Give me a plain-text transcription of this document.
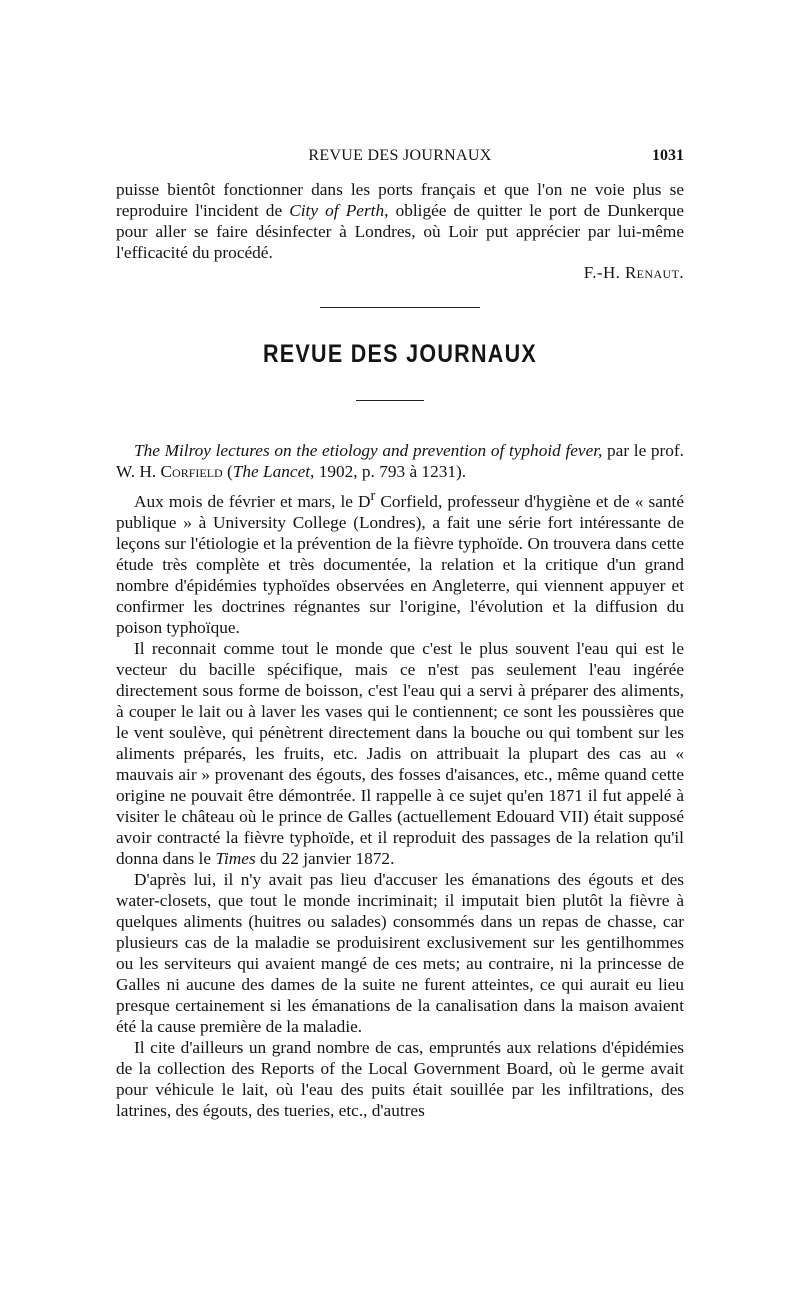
REVUE DES JOURNAUX	1031

puisse bientôt fonctionner dans les ports français et que l'on ne voie plus se reproduire l'incident de City of Perth, obligée de quitter le port de Dunkerque pour aller se faire désinfecter à Londres, où Loir put apprécier par lui-même l'efficacité du procédé.

F.-H. Renaut.
REVUE DES JOURNAUX

The Milroy lectures on the etiology and prevention of typhoid fever, par le prof. W. H. Corfield (The Lancet, 1902, p. 793 à 1231).

Aux mois de février et mars, le $D^r$ Corfield, professeur d'hygiène et de « santé publique » à University College (Londres), a fait une série fort intéressante de leçons sur l'étiologie et la prévention de la fièvre typhoïde. On trouvera dans cette étude très complète et très documentée, la relation et la critique d'un grand nombre d'épidémies typhoïdes observées en Angleterre, qui viennent appuyer et confirmer les doctrines régnantes sur l'origine, l'évolution et la diffusion du poison typhoïque.

Il reconnait comme tout le monde que c'est le plus souvent l'eau qui est le vecteur du bacille spécifique, mais ce n'est pas seulement l'eau ingérée directement sous forme de boisson, c'est l'eau qui a servi à préparer des aliments, à couper le lait ou à laver les vases qui le contiennent; ce sont les poussières que le vent soulève, qui pénètrent directement dans la bouche ou qui tombent sur les aliments préparés, les fruits, etc. Jadis on attribuait la plupart des cas au « mauvais air » provenant des égouts, des fosses d'aisances, etc., même quand cette origine ne pouvait être démontrée. Il rappelle à ce sujet qu'en 1871 il fut appelé à visiter le château où le prince de Galles (actuellement Edouard VII) était supposé avoir contracté la fièvre typhoïde, et il reproduit des passages de la relation qu'il donna dans le Times du 22 janvier 1872.

D'après lui, il n'y avait pas lieu d'accuser les émanations des égouts et des water-closets, que tout le monde incriminait; il imputait bien plutôt la fièvre à quelques aliments (huitres ou salades) consommés dans un repas de chasse, car plusieurs cas de la maladie se produisirent exclusivement sur les gentilhommes ou les serviteurs qui avaient mangé de ces mets; au contraire, ni la princesse de Galles ni aucune des dames de la suite ne furent atteintes, ce qui aurait eu lieu presque certainement si les émanations de la canalisation dans la maison avaient été la cause première de la maladie.

Il cite d'ailleurs un grand nombre de cas, empruntés aux relations d'épidémies de la collection des Reports of the Local Government Board, où le germe avait pour véhicule le lait, où l'eau des puits était souillée par les infiltrations, des latrines, des égouts, des tueries, etc., d'autres
